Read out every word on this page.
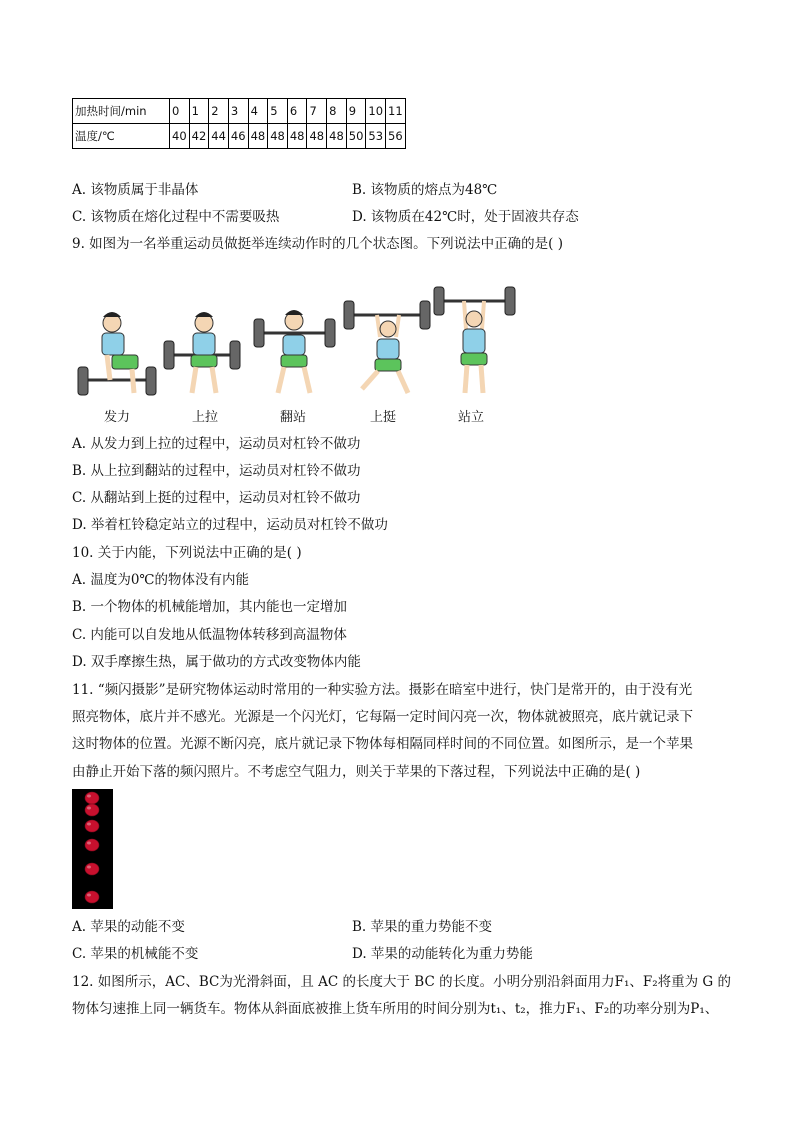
加热时间/min	0	1	2	3	4	5	6	7	8	9	10	11
温度/℃	40	42	44	46	48	48	48	48	48	50	53	56
A. 该物质属于非晶体	B. 该物质的熔点为48℃
C. 该物质在熔化过程中不需要吸热	D. 该物质在42℃时，处于固液共存态
9. 如图为一名举重运动员做挺举连续动作时的几个状态图。下列说法中正确的是( )
发力	上拉	翻站	上挺	站立
A. 从发力到上拉的过程中，运动员对杠铃不做功
B. 从上拉到翻站的过程中，运动员对杠铃不做功
C. 从翻站到上挺的过程中，运动员对杠铃不做功
D. 举着杠铃稳定站立的过程中，运动员对杠铃不做功
10. 关于内能，下列说法中正确的是( )
A. 温度为0℃的物体没有内能
B. 一个物体的机械能增加，其内能也一定增加
C. 内能可以自发地从低温物体转移到高温物体
D. 双手摩擦生热，属于做功的方式改变物体内能
11. “频闪摄影”是研究物体运动时常用的一种实验方法。摄影在暗室中进行，快门是常开的，由于没有光
照亮物体，底片并不感光。光源是一个闪光灯，它每隔一定时间闪亮一次，物体就被照亮，底片就记录下
这时物体的位置。光源不断闪亮，底片就记录下物体每相隔同样时间的不同位置。如图所示，是一个苹果
由静止开始下落的频闪照片。不考虑空气阻力，则关于苹果的下落过程，下列说法中正确的是( )
A. 苹果的动能不变	B. 苹果的重力势能不变
C. 苹果的机械能不变	D. 苹果的动能转化为重力势能
12. 如图所示，AC、BC为光滑斜面，且 AC 的长度大于 BC 的长度。小明分别沿斜面用力F₁、F₂将重为 G 的
物体匀速推上同一辆货车。物体从斜面底被推上货车所用的时间分别为t₁、t₂，推力F₁、F₂的功率分别为P₁、
